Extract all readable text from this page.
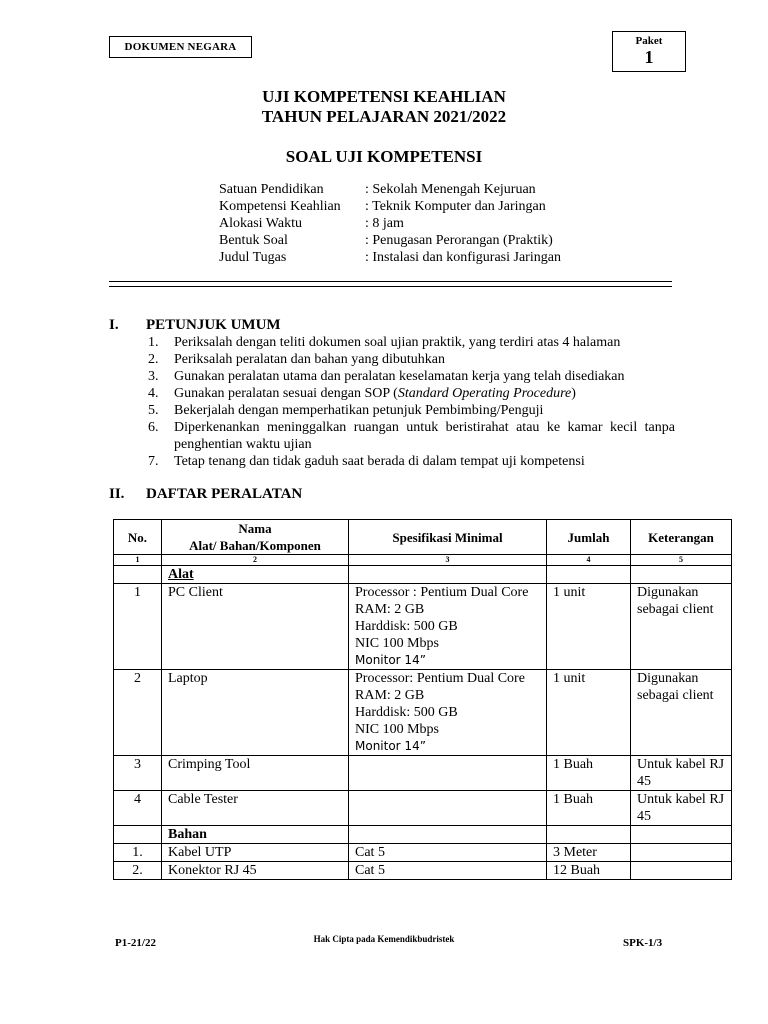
DOKUMEN NEGARA	Paket
1
UJI KOMPETENSI KEAHLIAN
TAHUN PELAJARAN 2021/2022
SOAL UJI KOMPETENSI
Satuan Pendidikan	: Sekolah Menengah Kejuruan
Kompetensi Keahlian	: Teknik Komputer dan Jaringan
Alokasi Waktu	: 8 jam
Bentuk Soal	: Penugasan Perorangan (Praktik)
Judul Tugas	: Instalasi dan konfigurasi Jaringan
I. PETUNJUK UMUM
1.	Periksalah dengan teliti dokumen soal ujian praktik, yang terdiri atas 4 halaman
2.	Periksalah peralatan dan bahan yang dibutuhkan
3.	Gunakan peralatan utama dan peralatan keselamatan kerja yang telah disediakan
4.	Gunakan peralatan sesuai dengan SOP (Standard Operating Procedure)
5.	Bekerjalah dengan memperhatikan petunjuk Pembimbing/Penguji
6.	Diperkenankan meninggalkan ruangan untuk beristirahat atau ke kamar kecil tanpa penghentian waktu ujian
7.	Tetap tenang dan tidak gaduh saat berada di dalam tempat uji kompetensi
II. DAFTAR PERALATAN
No.	Nama
Alat/ Bahan/Komponen	Spesifikasi Minimal	Jumlah	Keterangan
1	2	3	4	5
	Alat			
1	PC Client	Processor : Pentium Dual Core
RAM: 2 GB
Harddisk: 500 GB
NIC 100 Mbps
Monitor 14”	1 unit	Digunakan sebagai client
2	Laptop	Processor: Pentium Dual Core
RAM: 2 GB
Harddisk: 500 GB
NIC 100 Mbps
Monitor 14”	1 unit	Digunakan sebagai client
3	Crimping Tool		1 Buah	Untuk kabel RJ 45
4	Cable Tester		1 Buah	Untuk kabel RJ 45
	Bahan			
1.	Kabel UTP	Cat 5	3 Meter	
2.	Konektor RJ 45	Cat 5	12 Buah	
P1-21/22	Hak Cipta pada Kemendikbudristek	SPK-1/3
